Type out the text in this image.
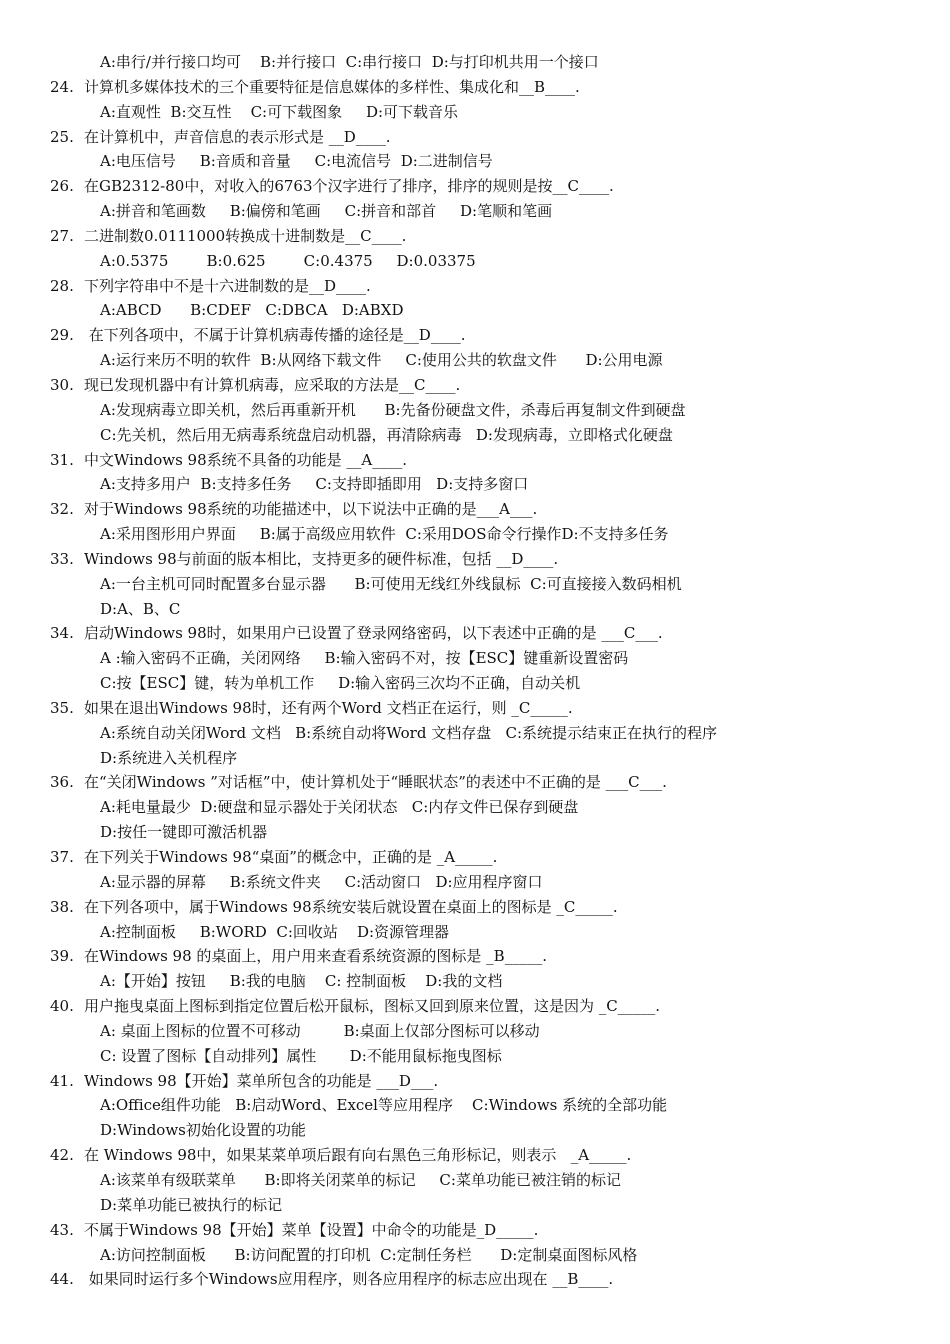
A:串行/并行接口均可    B:并行接口  C:串行接口  D:与打印机共用一个接口
24. 计算机多媒体技术的三个重要特征是信息媒体的多样性、集成化和__B____.
A:直观性  B:交互性    C:可下载图象     D:可下载音乐
25. 在计算机中，声音信息的表示形式是 __D____.
A:电压信号     B:音质和音量     C:电流信号  D:二进制信号
26. 在GB2312-80中，对收入的6763个汉字进行了排序，排序的规则是按__C____.
A:拼音和笔画数     B:偏傍和笔画     C:拼音和部首     D:笔顺和笔画
27. 二进制数0.0111000转换成十进制数是__C____.
A:0.5375        B:0.625        C:0.4375     D:0.03375
28. 下列字符串中不是十六进制数的是__D____.
A:ABCD      B:CDEF   C:DBCA   D:ABXD
29. 在下列各项中，不属于计算机病毒传播的途径是__D____.
A:运行来历不明的软件  B:从网络下载文件     C:使用公共的软盘文件      D:公用电源
30. 现已发现机器中有计算机病毒，应采取的方法是__C____.
A:发现病毒立即关机，然后再重新开机      B:先备份硬盘文件，杀毒后再复制文件到硬盘
C:先关机，然后用无病毒系统盘启动机器，再清除病毒   D:发现病毒，立即格式化硬盘
31. 中文Windows 98系统不具备的功能是 __A____.
A:支持多用户  B:支持多任务     C:支持即插即用   D:支持多窗口
32. 对于Windows 98系统的功能描述中，以下说法中正确的是___A___.
A:采用图形用户界面     B:属于高级应用软件  C:采用DOS命令行操作D:不支持多任务
33. Windows 98与前面的版本相比，支持更多的硬件标准，包括 __D____.
A:一台主机可同时配置多台显示器      B:可使用无线红外线鼠标  C:可直接接入数码相机
D:A、B、C
34. 启动Windows 98时，如果用户已设置了登录网络密码，以下表述中正确的是 ___C___.
A :输入密码不正确，关闭网络     B:输入密码不对，按【ESC】键重新设置密码
C:按【ESC】键，转为单机工作     D:输入密码三次均不正确，自动关机
35. 如果在退出Windows 98时，还有两个Word 文档正在运行，则 _C_____.
A:系统自动关闭Word 文档   B:系统自动将Word 文档存盘   C:系统提示结束正在执行的程序
D:系统进入关机程序
36. 在“关闭Windows ”对话框”中，使计算机处于“睡眠状态”的表述中不正确的是 ___C___.
A:耗电量最少  D:硬盘和显示器处于关闭状态   C:内存文件已保存到硬盘
D:按任一键即可激活机器
37. 在下列关于Windows 98“桌面”的概念中，正确的是 _A_____.
A:显示器的屏幕     B:系统文件夹     C:活动窗口   D:应用程序窗口
38. 在下列各项中，属于Windows 98系统安装后就设置在桌面上的图标是 _C_____.
A:控制面板     B:WORD  C:回收站    D:资源管理器
39. 在Windows 98 的桌面上，用户用来查看系统资源的图标是 _B_____.
A:【开始】按钮     B:我的电脑    C: 控制面板    D:我的文档
40. 用户拖曳桌面上图标到指定位置后松开鼠标，图标又回到原来位置，这是因为 _C_____.
A: 桌面上图标的位置不可移动         B:桌面上仅部分图标可以移动
C: 设置了图标【自动排列】属性       D:不能用鼠标拖曳图标
41. Windows 98【开始】菜单所包含的功能是 ___D___.
A:Office组件功能   B:启动Word、Excel等应用程序    C:Windows 系统的全部功能
D:Windows初始化设置的功能
42. 在 Windows 98中，如果某菜单项后跟有向右黑色三角形标记，则表示   _A_____.
A:该菜单有级联菜单      B:即将关闭菜单的标记     C:菜单功能已被注销的标记
D:菜单功能已被执行的标记
43. 不属于Windows 98【开始】菜单【设置】中命令的功能是_D_____.
A:访问控制面板      B:访问配置的打印机  C:定制任务栏      D:定制桌面图标风格
44. 如果同时运行多个Windows应用程序，则各应用程序的标志应出现在 __B____.
